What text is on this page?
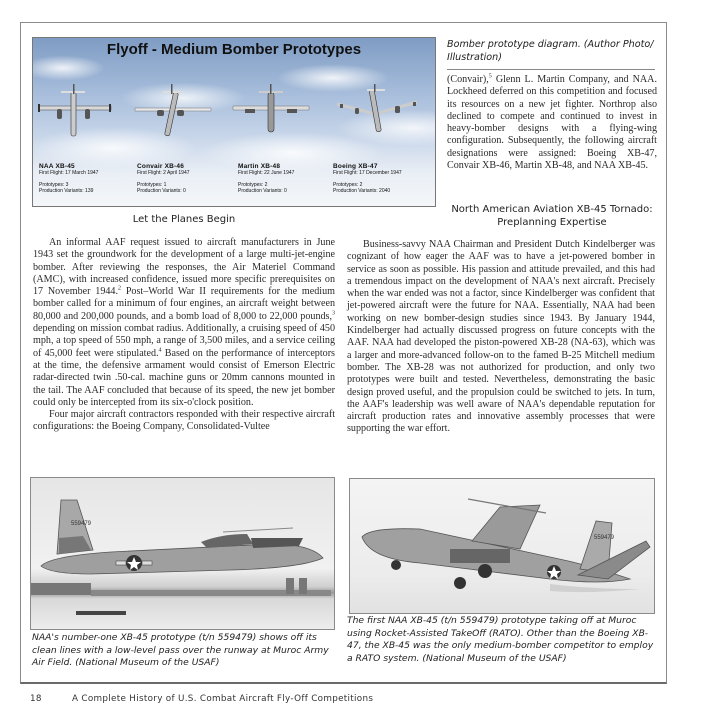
Flyoff - Medium Bomber Prototypes
NAA XB-45
First Flight: 17 March 1947
Prototypes: 3
Production Variants: 139
Convair XB-46
First Flight: 2 April 1947
Prototypes: 1
Production Variants: 0
Martin XB-48
First Flight: 22 June 1947
Prototypes: 2
Production Variants: 0
Boeing XB-47
First Flight: 17 December 1947
Prototypes: 2
Production Variants: 2040
Bomber prototype diagram. (Author Photo/ Illustration)

(Convair),$^5$ Glenn L. Martin Company, and NAA. Lockheed deferred on this competition and focused its resources on a new jet fighter. Northrop also declined to compete and continued to invest in heavy-bomber designs with a flying-wing configuration. Subsequently, the following aircraft designations were assigned: Boeing XB-47, Convair XB-46, Martin XB-48, and NAA XB-45.

North American Aviation XB-45 Tornado:
Preplanning Expertise
Let the Planes Begin

An informal AAF request issued to aircraft manufacturers in June 1943 set the groundwork for the development of a large multi-jet-engine bomber. After reviewing the responses, the Air Materiel Command (AMC), with increased confidence, issued more specific prerequisites on 17 November 1944.$^2$ Post–World War II requirements for the medium bomber called for a minimum of four engines, an aircraft weight between 80,000 and 200,000 pounds, and a bomb load of 8,000 to 22,000 pounds,$^3$ depending on mission combat radius. Additionally, a cruising speed of 450 mph, a top speed of 550 mph, a range of 3,500 miles, and a service ceiling of 45,000 feet were stipulated.$^4$ Based on the performance of interceptors at the time, the defensive armament would consist of Emerson Electric radar-directed twin .50-cal. machine guns or 20mm cannons mounted in the tail. The AAF concluded that because of its speed, the new jet bomber could only be intercepted from its six-o'clock position.

Four major aircraft contractors responded with their respective aircraft configurations: the Boeing Company, Consolidated-Vultee

Business-savvy NAA Chairman and President Dutch Kindelberger was cognizant of how eager the AAF was to have a jet-powered bomber in service as soon as possible. His passion and attitude prevailed, and this had a tremendous impact on the development of NAA's next aircraft. Precisely when the war ended was not a factor, since Kindelberger was confident that jet-powered aircraft were the future for NAA. Essentially, NAA had been working on new bomber-design studies since 1943. By January 1944, Kindelberger had actually discussed progress on future concepts with the AAF. NAA had developed the piston-powered XB-28 (NA-63), which was a larger and more-advanced follow-on to the famed B-25 Mitchell medium bomber. The XB-28 was not authorized for production, and only two prototypes were built and tested. Nevertheless, demonstrating the basic design proved useful, and the propulsion could be switched to jets. In turn, the AAF's leadership was well aware of NAA's dependable reputation for aircraft production rates and innovative assembly processes that were supporting the war effort.

559479
NAA's number-one XB-45 prototype (t/n 559479) shows off its clean lines with a low-level pass over the runway at Muroc Army Air Field. (National Museum of the USAF)
559479
The first NAA XB-45 (t/n 559479) prototype taking off at Muroc using Rocket-Assisted TakeOff (RATO). Other than the Boeing XB-47, the XB-45 was the only medium-bomber competitor to employ a RATO system. (National Museum of the USAF)
18	A Complete History of U.S. Combat Aircraft Fly-Off Competitions
